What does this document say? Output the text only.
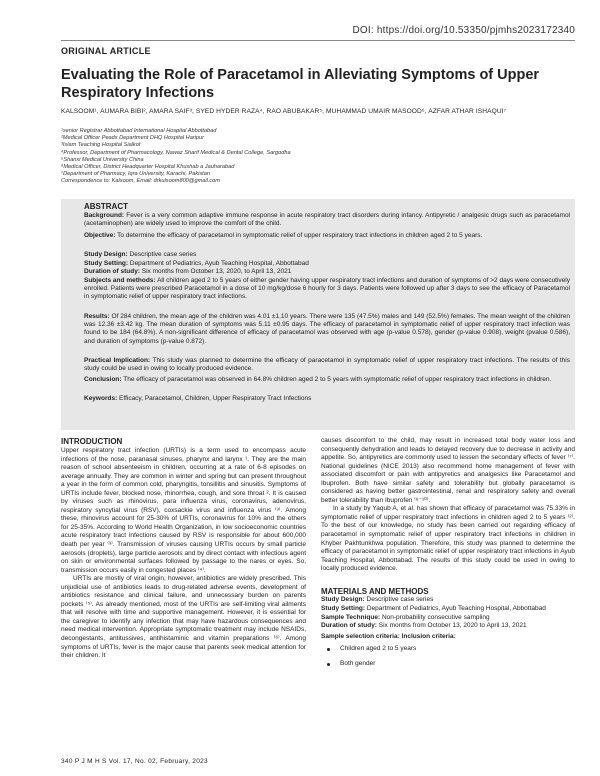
DOI: https://doi.org/10.53350/pjmhs2023172340
ORIGINAL ARTICLE
Evaluating the Role of Paracetamol in Alleviating Symptoms of Upper Respiratory Infections
KALSOOM¹, AUMARA BIBI², AMARA SAIF³, SYED HYDER RAZA⁴, RAO ABUBAKAR⁵, MUHAMMAD UMAIR MASOOD⁶, AZFAR ATHAR ISHAQUI⁷
¹senior Registrar Abbottabad International Hospital Abbottabad
²Medical Officer Peads Department DHQ Hospital Haripur
³Islam Teaching Hospital Sialkot
⁴Professor, Department of Pharmacology, Nawaz Sharif Medical & Dental College, Sargodha
⁵Shanxi Medical University China
⁶Medical Officer, District Headquarter Hospital Khushab a Jauharabad
⁷Department of Pharmacy, Iqra University, Karachi, Pakistan
Correspondence to: Kalsoom, Email: drkulsoom800@gmail.com
ABSTRACT
Background: Fever is a very common adaptive immune response in acute respiratory tract disorders during infancy. Antipyretic / analgesic drugs such as paracetamol (acetaminophen) are widely used to improve the comfort of the child.
Objective: To determine the efficacy of paracetamol in symptomatic relief of upper respiratory tract infections in children aged 2 to 5 years.
Study Design: Descriptive case series
Study Setting: Department of Pediatrics, Ayub Teaching Hospital, Abbottabad
Duration of study: Six months from October 13, 2020, to April 13, 2021
Subjects and methods: All children aged 2 to 5 years of either gender having upper respiratory tract infections and duration of symptoms of >2 days were consecutively enrolled. Patients were prescribed Paracetamol in a dose of 10 mg/kg/dose 6 hourly for 3 days. Patients were followed up after 3 days to see the efficacy of Paracetamol in symptomatic relief of upper respiratory tract infections.
Results: Of 284 children, the mean age of the children was 4.01 ±1.10 years. There were 135 (47.5%) males and 149 (52.5%) females. The mean weight of the children was 12.36 ±3.42 kg. The mean duration of symptoms was 5.11 ±0.95 days. The efficacy of paracetamol in symptomatic relief of upper respiratory tract infection was found to be 184 (64.8%). A non-significant difference of efficacy of paracetamol was observed with age (p-value 0.578), gender (p-value 0.908), weight (pvalue 0.586), and duration of symptoms (p-value 0.872).
Practical Implication: This study was planned to determine the efficacy of paracetamol in symptomatic relief of upper respiratory tract infections. The results of this study could be used in owing to locally produced evidence.
Conclusion: The efficacy of paracetamol was observed in 64.8% children aged 2 to 5 years with symptomatic relief of upper respiratory tract infections in children.
Keywords: Efficacy, Paracetamol, Children, Upper Respiratory Tract Infections
INTRODUCTION

Upper respiratory tract infection (URTIs) is a term used to encompass acute infections of the nose, paranasal sinuses, pharynx and larynx ¹. They are the main reason of school absenteeism in children, occurring at a rate of 6-8 episodes on average annually. They are common in winter and spring but can present throughout a year in the form of common cold, pharyngitis, tonsillitis and sinusitis. Symptoms of URTIs include fever, blocked nose, rhinorrhea, cough, and sore throat ². It is caused by viruses such as rhinovirus, para influenza virus, coronavirus, adenovirus, respiratory syncytial virus (RSV), coxsackie virus and influenza virus ⁽³⁾. Among these, rhinovirus account for 25-30% of URTIs, coronavirus for 10% and the others for 25-35%. According to World Health Organization, in low socioeconomic countries acute respiratory tract infections caused by RSV is responsible for about 600,000 death per year ⁽³⁾. Transmission of viruses causing URTIs occurs by small particle aerosols (droplets), large particle aerosols and by direct contact with infectious agent on skin or environmental surfaces followed by passage to the nares or eyes. So, transmission occurs easily in congested places ⁽⁴⁾.

URTIs are mostly of viral origin, however, antibiotics are widely prescribed. This unjudicial use of antibiotics leads to drug-related adverse events, development of antibiotics resistance and clinical failure, and unnecessary burden on parents pockets ⁽⁵⁾. As already mentioned, most of the URTIs are self-limiting viral ailments that will resolve with time and supportive management. However, it is essential for the caregiver to identify any infection that may have hazardous consequences and need medical intervention. Appropriate symptomatic treatment may include NSAIDs, decongestants, antitussives, antihistaminic and vitamin preparations ⁽⁶⁾. Among symptoms of URTIs, fever is the major cause that parents seek medical attention for their children. It

causes discomfort to the child, may result in increased total body water loss and consequently dehydration and leads to delayed recovery due to decrease in activity and appetite. So, antipyretics are commonly used to lessen the secondary effects of fever ⁽⁷⁾. National guidelines (NICE 2013) also recommend home management of fever with associated discomfort or pain with antipyretics and analgesics like Paracetamol and Ibuprofen. Both have similar safety and tolerability but globally paracetamol is considered as having better gastrointestinal, renal and respiratory safety and overall better tolerability than Ibuprofen ⁽⁸⁻¹⁰⁾.

In a study by Yaqub A, et al. has shown that efficacy of paracetamol was 75.33% in symptomatic relief of upper respiratory tract infections in children aged 2 to 5 years ⁽²⁾. To the best of our knowledge, no study has been carried out regarding efficacy of paracetamol in symptomatic relief of upper respiratory tract infections in children in Khyber Pakhtunkhwa population. Therefore, this study was planned to determine the efficacy of paracetamol in symptomatic relief of upper respiratory tract infections in Ayub Teaching Hospital, Abbottabad. The results of this study could be used in owing to locally produced evidence.

MATERIALS AND METHODS
Study Design: Descriptive case series
Study Setting: Department of Pediatrics, Ayub Teaching Hospital, Abbottabad
Sample Technique: Non-probability consecutive sampling
Duration of study: Six months from October 13, 2020 to April 13, 2021
Sample selection criteria: Inclusion criteria:
Children aged 2 to 5 years
Both gender
340 P J M H S Vol. 17, No. 02, February, 2023
